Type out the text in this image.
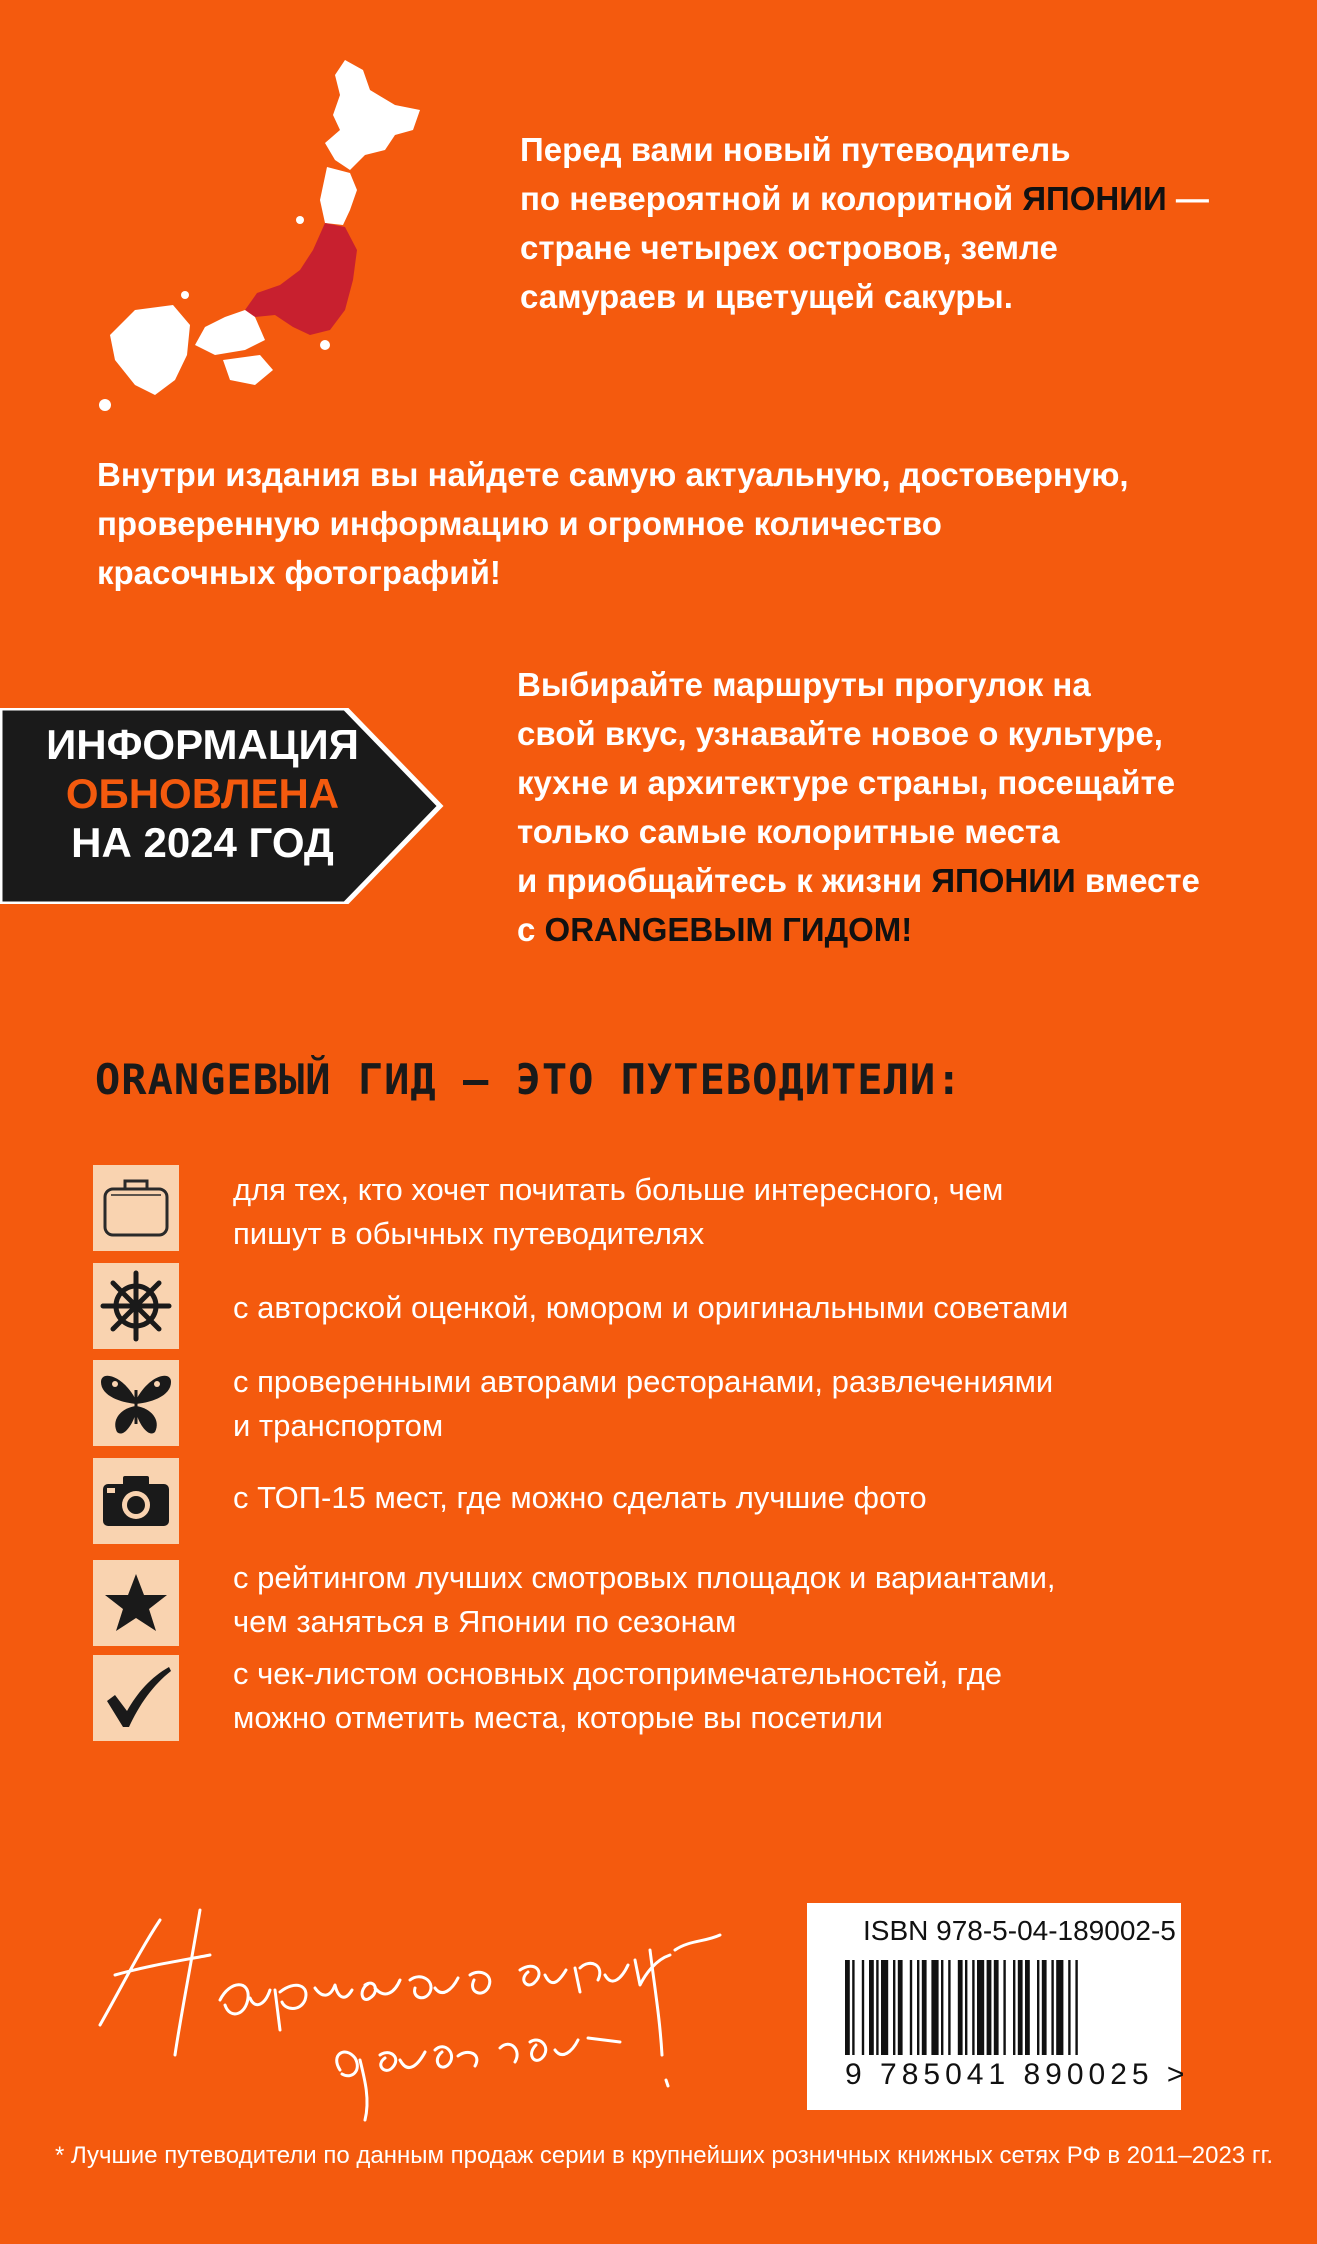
Перед вами новый путеводитель
по невероятной и колоритной ЯПОНИИ —
стране четырех островов, земле
самураев и цветущей сакуры.
Внутри издания вы найдете самую актуальную, достоверную,
проверенную информацию и огромное количество
красочных фотографий!
ИНФОРМАЦИЯ
ОБНОВЛЕНА
НА 2024 ГОД
Выбирайте маршруты прогулок на
свой вкус, узнавайте новое о культуре,
кухне и архитектуре страны, посещайте
только самые колоритные места
и приобщайтесь к жизни ЯПОНИИ вместе
с ORANGEВЫМ ГИДОМ!
ORANGEВЫЙ ГИД – ЭТО ПУТЕВОДИТЕЛИ:
для тех, кто хочет почитать больше интересного, чем
пишут в обычных путеводителях
с авторской оценкой, юмором и оригинальными советами
с проверенными авторами ресторанами, развлечениями
и транспортом
с ТОП-15 мест, где можно сделать лучшие фото
с рейтингом лучших смотровых площадок и вариантами,
чем заняться в Японии по сезонам
с чек-листом основных достопримечательностей, где
можно отметить места, которые вы посетили
ISBN 978-5-04-189002-5
9 785041 890025 >
* Лучшие путеводители по данным продаж серии в крупнейших розничных книжных сетях РФ в 2011–2023 гг.
